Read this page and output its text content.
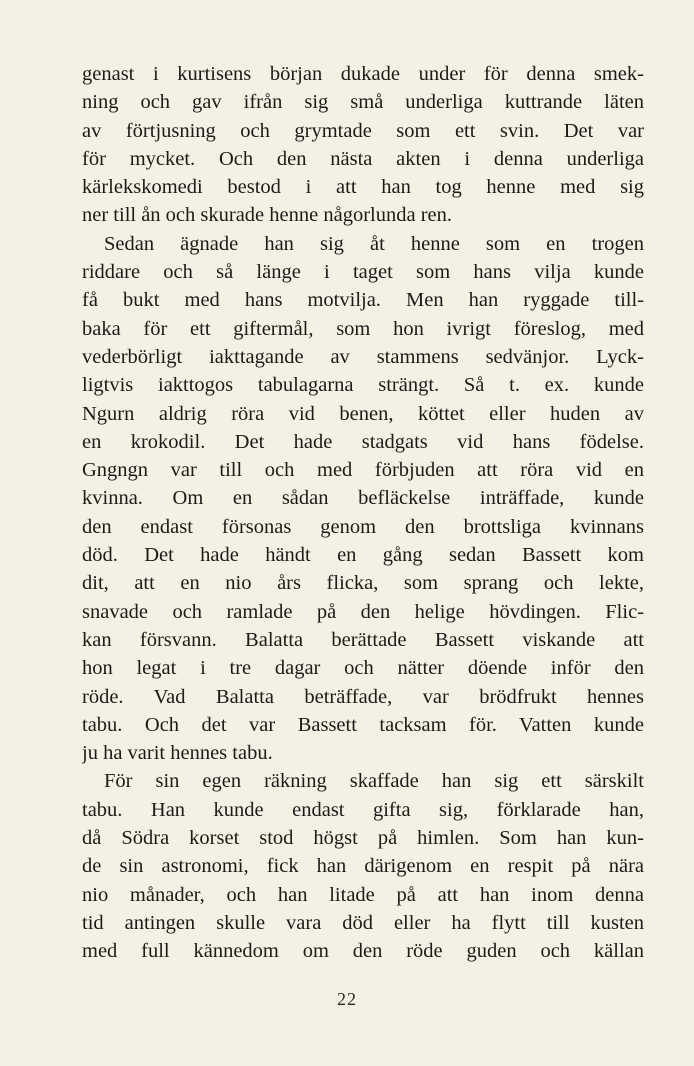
genast i kurtisens början dukade under för denna smek-
ning och gav ifrån sig små underliga kuttrande läten
av förtjusning och grymtade som ett svin. Det var
för mycket. Och den nästa akten i denna underliga
kärlekskomedi bestod i att han tog henne med sig
ner till ån och skurade henne någorlunda ren.
Sedan ägnade han sig åt henne som en trogen
riddare och så länge i taget som hans vilja kunde
få bukt med hans motvilja. Men han ryggade till-
baka för ett giftermål, som hon ivrigt föreslog, med
vederbörligt iakttagande av stammens sedvänjor. Lyck-
ligtvis iakttogos tabulagarna strängt. Så t. ex. kunde
Ngurn aldrig röra vid benen, köttet eller huden av
en krokodil. Det hade stadgats vid hans födelse.
Gngngn var till och med förbjuden att röra vid en
kvinna. Om en sådan befläckelse inträffade, kunde
den endast försonas genom den brottsliga kvinnans
död. Det hade händt en gång sedan Bassett kom
dit, att en nio års flicka, som sprang och lekte,
snavade och ramlade på den helige hövdingen. Flic-
kan försvann. Balatta berättade Bassett viskande att
hon legat i tre dagar och nätter döende inför den
röde. Vad Balatta beträffade, var brödfrukt hennes
tabu. Och det var Bassett tacksam för. Vatten kunde
ju ha varit hennes tabu.
För sin egen räkning skaffade han sig ett särskilt
tabu. Han kunde endast gifta sig, förklarade han,
då Södra korset stod högst på himlen. Som han kun-
de sin astronomi, fick han därigenom en respit på nära
nio månader, och han litade på att han inom denna
tid antingen skulle vara död eller ha flytt till kusten
med full kännedom om den röde guden och källan
22
